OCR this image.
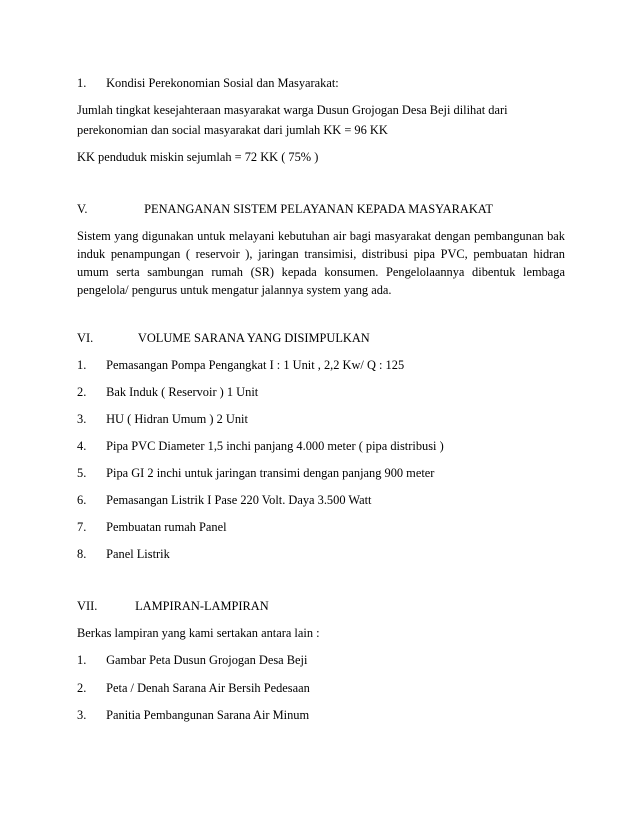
1. Kondisi Perekonomian Sosial dan Masyarakat:
Jumlah tingkat kesejahteraan masyarakat warga Dusun Grojogan Desa Beji dilihat dari
perekonomian dan social masyarakat dari jumlah KK = 96 KK
KK penduduk miskin sejumlah = 72 KK ( 75% )
V.	PENANGANAN SISTEM PELAYANAN KEPADA MASYARAKAT
Sistem yang digunakan untuk melayani kebutuhan air bagi masyarakat dengan pembangunan bak
induk penampungan ( reservoir ), jaringan transimisi, distribusi pipa PVC, pembuatan hidran
umum serta sambungan rumah (SR) kepada konsumen. Pengelolaannya dibentuk lembaga
pengelola/ pengurus untuk mengatur jalannya system yang ada.
VI.	VOLUME SARANA YANG DISIMPULKAN
1. Pemasangan Pompa Pengangkat I : 1 Unit , 2,2 Kw/ Q : 125
2. Bak Induk ( Reservoir ) 1 Unit
3. HU ( Hidran Umum ) 2 Unit
4. Pipa PVC Diameter 1,5 inchi panjang 4.000 meter ( pipa distribusi )
5. Pipa GI 2 inchi untuk jaringan transimi dengan panjang 900 meter
6. Pemasangan Listrik I Pase 220 Volt. Daya 3.500 Watt
7. Pembuatan rumah Panel
8. Panel Listrik
VII.	LAMPIRAN-LAMPIRAN
Berkas lampiran yang kami sertakan antara lain :
1. Gambar Peta Dusun Grojogan Desa Beji
2. Peta / Denah Sarana Air Bersih Pedesaan
3. Panitia Pembangunan Sarana Air Minum
